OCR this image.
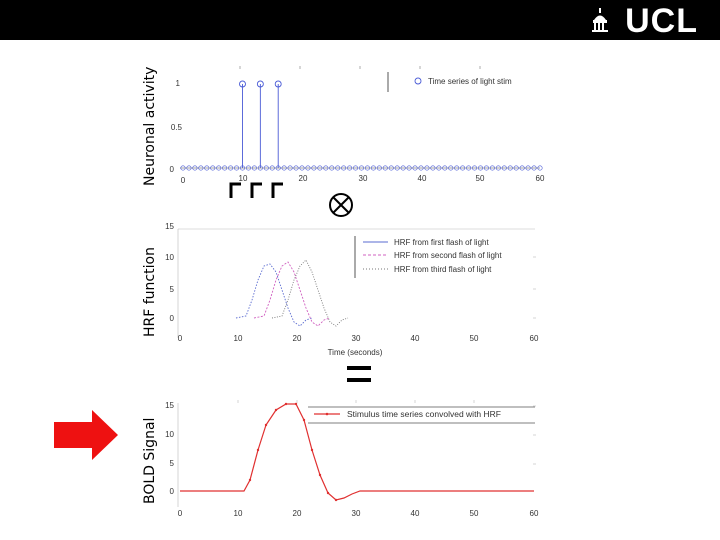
UCL
Neuronal activity
HRF function
BOLD Signal
0
0.5
1
0	10	20	30	40	50	60
Time series of light stim
0
5
10
15
0	10	20	30	40	50	60
Time (seconds)
HRF from first flash of light
HRF from second flash of light
HRF from third flash of light
0
5
10
15
0	10	20	30	40	50	60
Stimulus time series convolved with HRF
